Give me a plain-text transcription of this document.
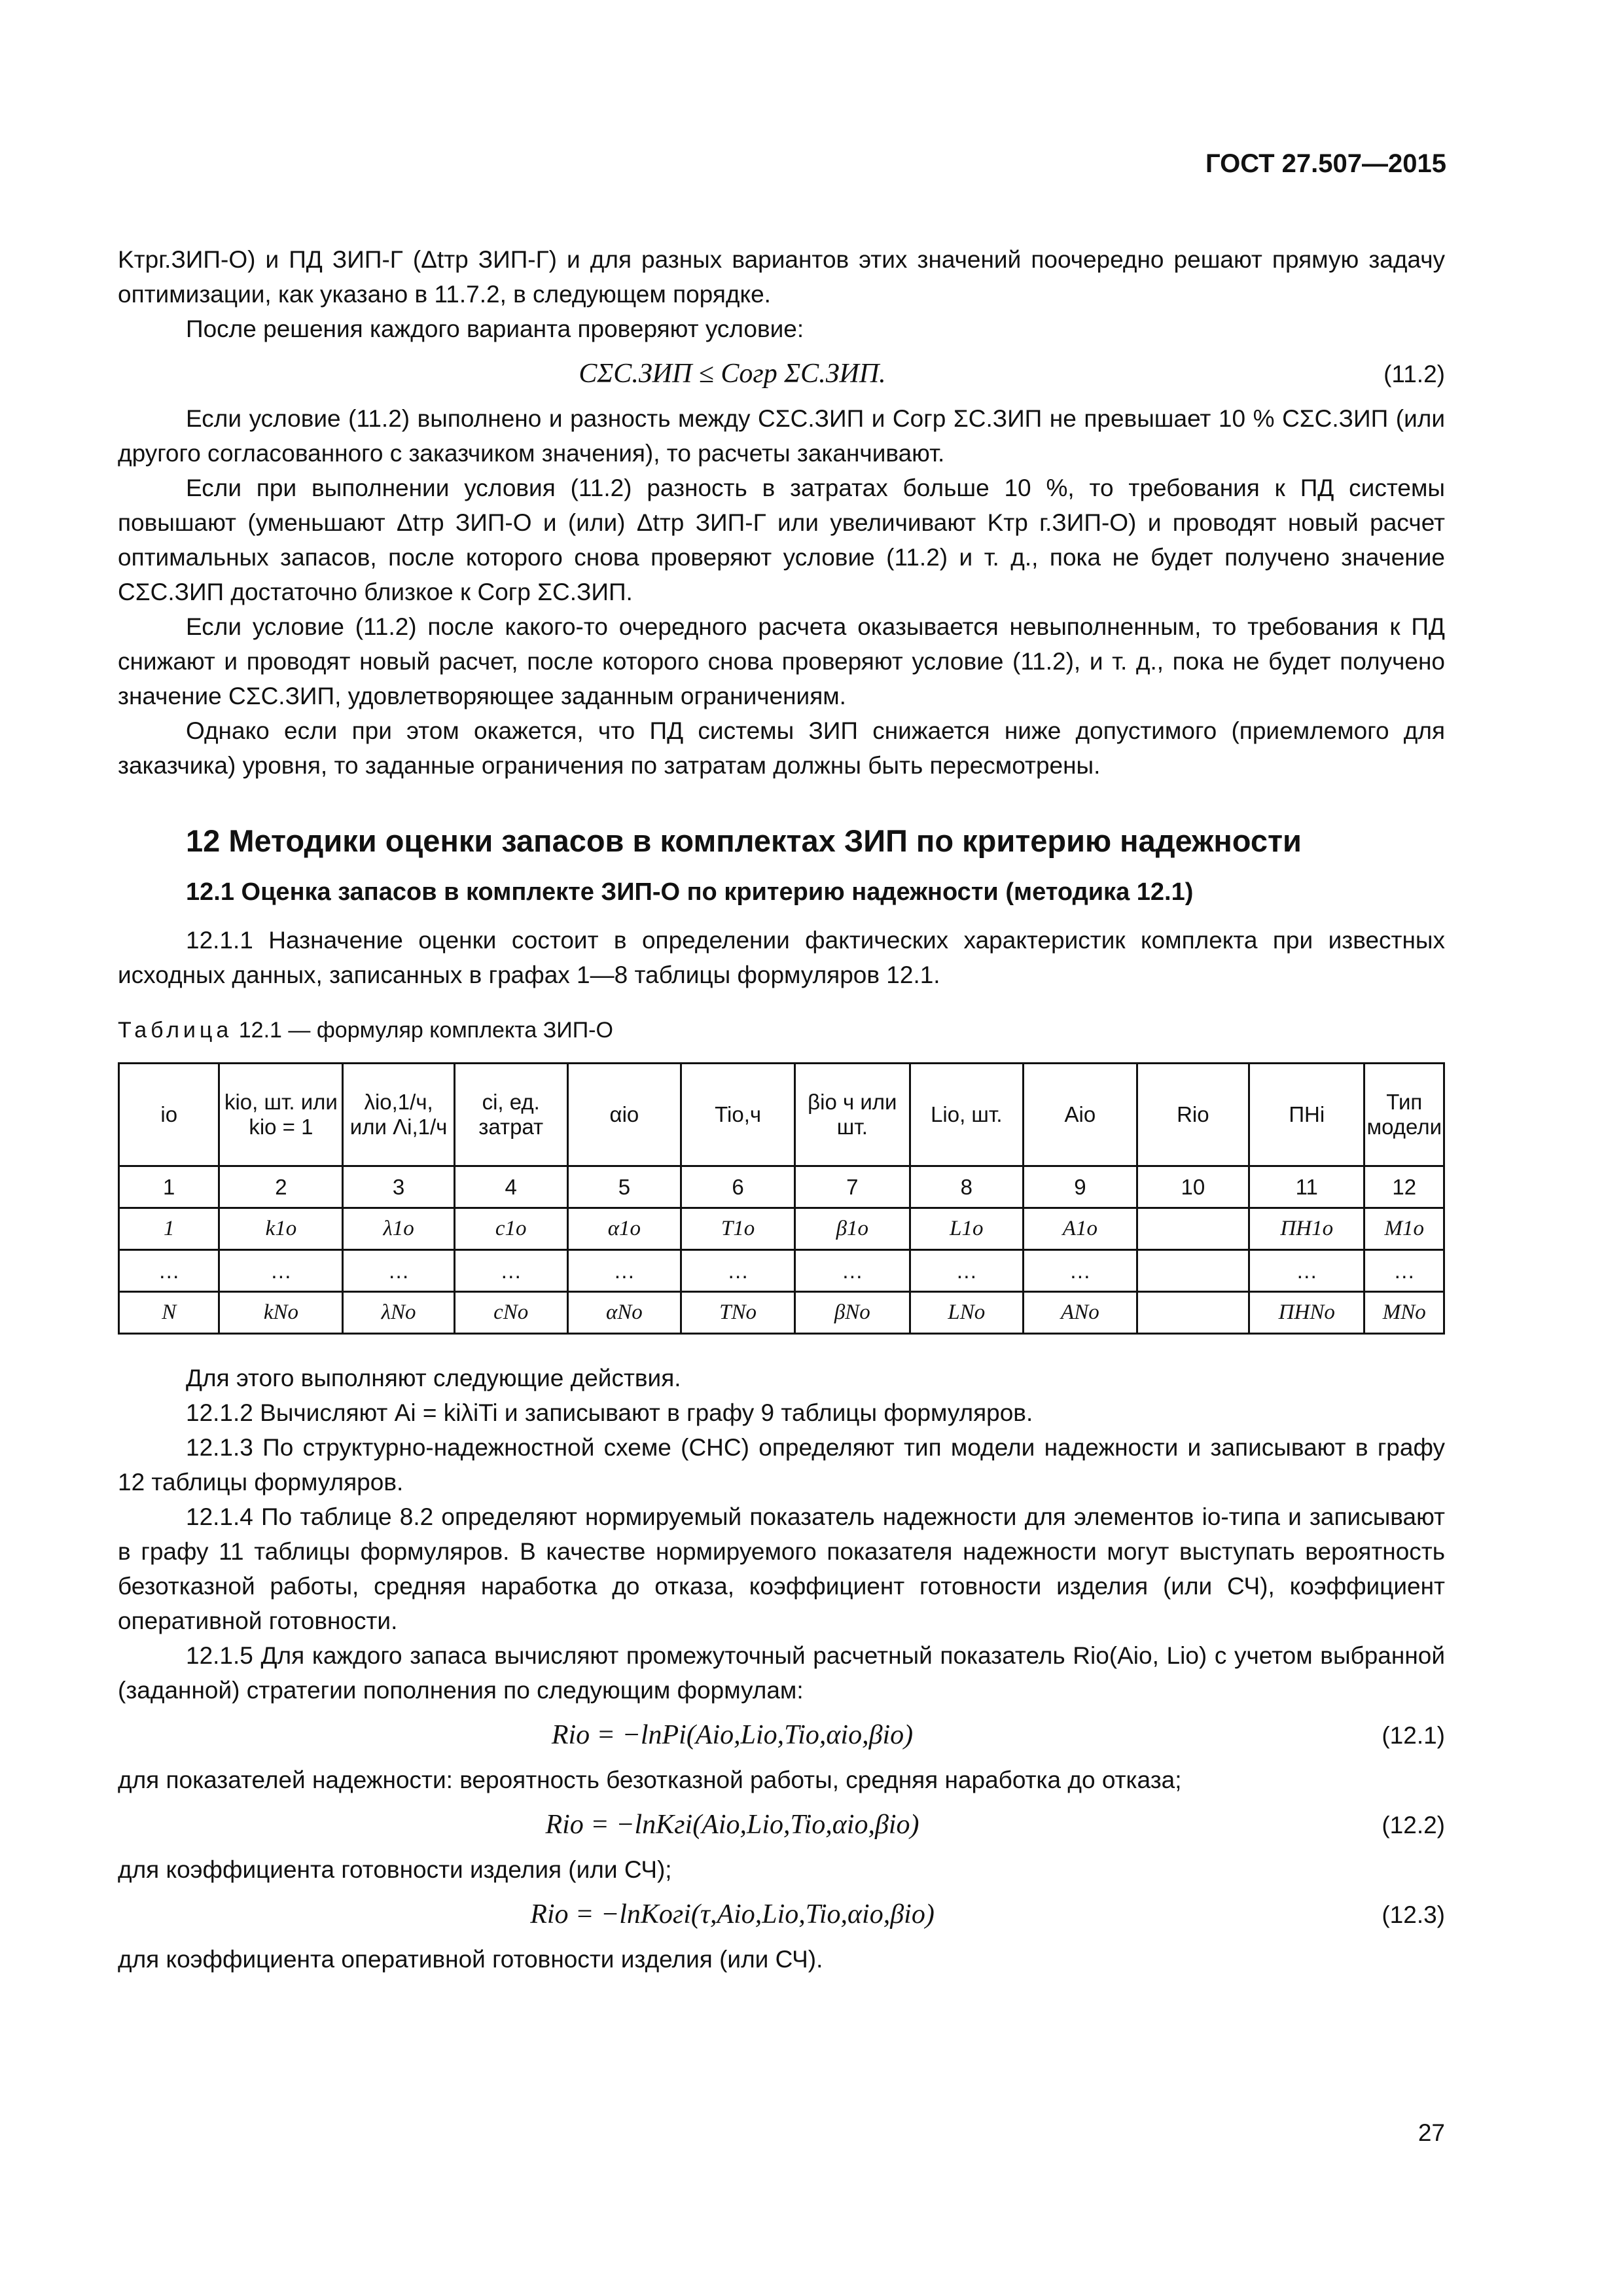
ГОСТ 27.507—2015

Kтрг.ЗИП-О) и ПД ЗИП-Г (Δtтр ЗИП-Г) и для разных вариантов этих значений поочередно решают прямую задачу оптимизации, как указано в 11.7.2, в следующем порядке.

После решения каждого варианта проверяют условие:

CΣС.ЗИП ≤ Cогр ΣС.ЗИП.	(11.2)

Если условие (11.2) выполнено и разность между CΣС.ЗИП и Cогр ΣС.ЗИП не превышает 10 % CΣС.ЗИП (или другого согласованного с заказчиком значения), то расчеты заканчивают.

Если при выполнении условия (11.2) разность в затратах больше 10 %, то требования к ПД системы повышают (уменьшают Δtтр ЗИП-О и (или) Δtтр ЗИП-Г или увеличивают Kтр г.ЗИП-О) и проводят новый расчет оптимальных запасов, после которого снова проверяют условие (11.2) и т. д., пока не будет получено значение CΣС.ЗИП достаточно близкое к Cогр ΣС.ЗИП.

Если условие (11.2) после какого-то очередного расчета оказывается невыполненным, то требования к ПД снижают и проводят новый расчет, после которого снова проверяют условие (11.2), и т. д., пока не будет получено значение CΣС.ЗИП, удовлетворяющее заданным ограничениям.

Однако если при этом окажется, что ПД системы ЗИП снижается ниже допустимого (приемлемого для заказчика) уровня, то заданные ограничения по затратам должны быть пересмотрены.

12 Методики оценки запасов в комплектах ЗИП по критерию надежности
12.1 Оценка запасов в комплекте ЗИП-О по критерию надежности (методика 12.1)

12.1.1 Назначение оценки состоит в определении фактических характеристик комплекта при известных исходных данных, записанных в графах 1—8 таблицы формуляров 12.1.

Таблица 12.1 — формуляр комплекта ЗИП-О
iо	kio, шт. или kio = 1	λio,1/ч, или Λi,1/ч	ci, ед. затрат	αio	Tio,ч	βio ч или шт.	Lio, шт.	Aio	Rio	ПНi	Тип модели
1	2	3	4	5	6	7	8	9	10	11	12
1	k1о	λ1о	c1о	α1о	T1о	β1о	L1о	A1о		ПН1о	М1о
…	…	…	…	…	…	…	…	…		…	…
N	kNо	λNо	cNо	αNо	TNо	βNо	LNо	ANо		ПНNо	МNо

Для этого выполняют следующие действия.

12.1.2 Вычисляют Ai = kiλiTi и записывают в графу 9 таблицы формуляров.

12.1.3 По структурно-надежностной схеме (СНС) определяют тип модели надежности и записывают в графу 12 таблицы формуляров.

12.1.4 По таблице 8.2 определяют нормируемый показатель надежности для элементов iо-типа и записывают в графу 11 таблицы формуляров. В качестве нормируемого показателя надежности могут выступать вероятность безотказной работы, средняя наработка до отказа, коэффициент готовности изделия (или СЧ), коэффициент оперативной готовности.

12.1.5 Для каждого запаса вычисляют промежуточный расчетный показатель Rio(Aio, Lio) с учетом выбранной (заданной) стратегии пополнения по следующим формулам:

Rio = −lnPi(Aio,Lio,Tio,αio,βio)	(12.1)

для показателей надежности: вероятность безотказной работы, средняя наработка до отказа;

Rio = −lnKгi(Aio,Lio,Tio,αio,βio)	(12.2)

для коэффициента готовности изделия (или СЧ);

Rio = −lnKогi(τ,Aio,Lio,Tio,αio,βio)	(12.3)

для коэффициента оперативной готовности изделия (или СЧ).

27
